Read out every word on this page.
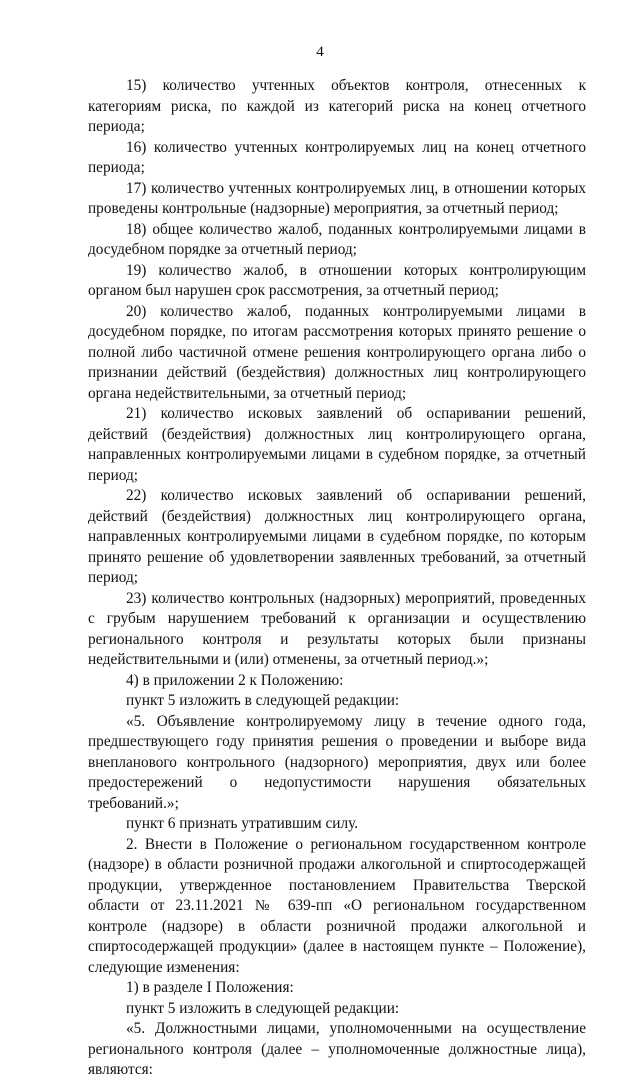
4

15) количество учтенных объектов контроля, отнесенных к категориям риска, по каждой из категорий риска на конец отчетного периода;

16) количество учтенных контролируемых лиц на конец отчетного периода;

17) количество учтенных контролируемых лиц, в отношении которых проведены контрольные (надзорные) мероприятия, за отчетный период;

18) общее количество жалоб, поданных контролируемыми лицами в досудебном порядке за отчетный период;

19) количество жалоб, в отношении которых контролирующим органом был нарушен срок рассмотрения, за отчетный период;

20) количество жалоб, поданных контролируемыми лицами в досудебном порядке, по итогам рассмотрения которых принято решение о полной либо частичной отмене решения контролирующего органа либо о признании действий (бездействия) должностных лиц контролирующего органа недействительными, за отчетный период;

21) количество исковых заявлений об оспаривании решений, действий (бездействия) должностных лиц контролирующего органа, направленных контролируемыми лицами в судебном порядке, за отчетный период;

22) количество исковых заявлений об оспаривании решений, действий (бездействия) должностных лиц контролирующего органа, направленных контролируемыми лицами в судебном порядке, по которым принято решение об удовлетворении заявленных требований, за отчетный период;

23) количество контрольных (надзорных) мероприятий, проведенных с грубым нарушением требований к организации и осуществлению регионального контроля и результаты которых были признаны недействительными и (или) отменены, за отчетный период.»;

4) в приложении 2 к Положению:

пункт 5 изложить в следующей редакции:

«5. Объявление контролируемому лицу в течение одного года, предшествующего году принятия решения о проведении и выборе вида внепланового контрольного (надзорного) мероприятия, двух или более предостережений о недопустимости нарушения обязательных требований.»;

пункт 6 признать утратившим силу.

2. Внести в Положение о региональном государственном контроле (надзоре) в области розничной продажи алкогольной и спиртосодержащей продукции, утвержденное постановлением Правительства Тверской области от 23.11.2021 № 639-пп «О региональном государственном контроле (надзоре) в области розничной продажи алкогольной и спиртосодержащей продукции» (далее в настоящем пункте – Положение), следующие изменения:

1) в разделе I Положения:

пункт 5 изложить в следующей редакции:

«5. Должностными лицами, уполномоченными на осуществление регионального контроля (далее – уполномоченные должностные лица), являются:
